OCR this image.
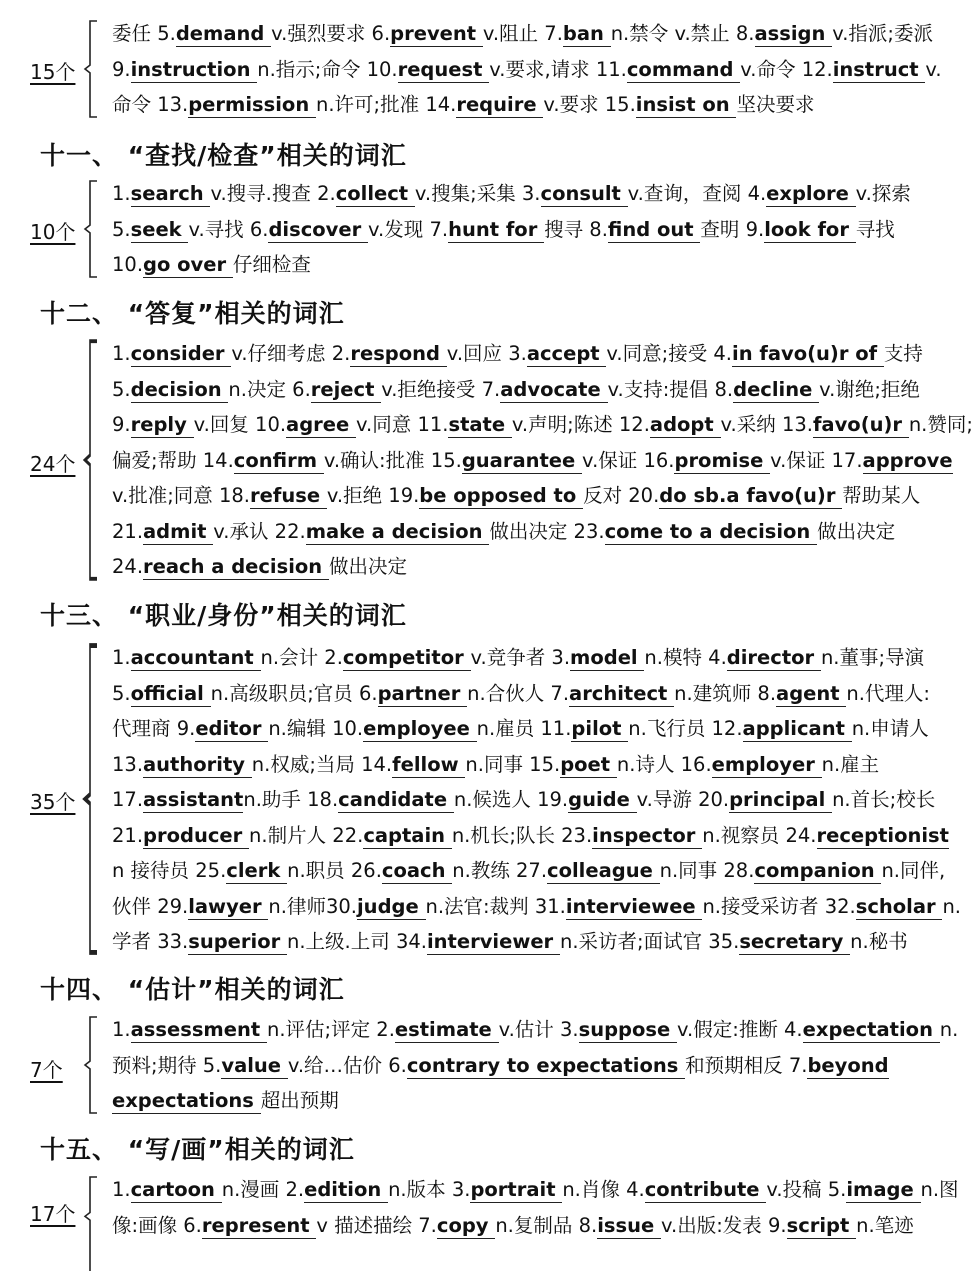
15个
委任 5.demand v.强烈要求 6.prevent v.阻止 7.ban n.禁令 v.禁止 8.assign v.指派;委派
9.instruction n.指示;命令 10.request v.要求,请求 11.command v.命令 12.instruct v.
命令 13.permission n.许可;批准 14.require v.要求 15.insist on 坚决要求
十一、 “查找/检查”相关的词汇
10个
1.search v.搜寻.搜查 2.collect v.搜集;采集 3.consult v.查询，查阅 4.explore v.探索
5.seek v.寻找 6.discover v.发现 7.hunt for 搜寻 8.find out 查明 9.look for 寻找
10.go over 仔细检查
十二、 “答复”相关的词汇
24个
1.consider v.仔细考虑 2.respond v.回应 3.accept v.同意;接受 4.in favo(u)r of 支持
5.decision n.决定 6.reject v.拒绝接受 7.advocate v.支持:提倡 8.decline v.谢绝;拒绝
9.reply v.回复 10.agree v.同意 11.state v.声明;陈述 12.adopt v.采纳 13.favo(u)r n.赞同;
偏爱;帮助 14.confirm v.确认:批准 15.guarantee v.保证 16.promise v.保证 17.approve
v.批准;同意 18.refuse v.拒绝 19.be opposed to 反对 20.do sb.a favo(u)r 帮助某人
21.admit v.承认 22.make a decision 做出决定 23.come to a decision 做出决定
24.reach a decision 做出决定
十三、 “职业/身份”相关的词汇
35个
1.accountant n.会计 2.competitor v.竞争者 3.model n.模特 4.director n.董事;导演
5.official n.高级职员;官员 6.partner n.合伙人 7.architect n.建筑师 8.agent n.代理人:
代理商 9.editor n.编辑 10.employee n.雇员 11.pilot n.飞行员 12.applicant n.申请人
13.authority n.权威;当局 14.fellow n.同事 15.poet n.诗人 16.employer n.雇主
17.assistantn.助手 18.candidate n.候选人 19.guide v.导游 20.principal n.首长;校长
21.producer n.制片人 22.captain n.机长;队长 23.inspector n.视察员 24.receptionist
n 接待员 25.clerk n.职员 26.coach n.教练 27.colleague n.同事 28.companion n.同伴,
伙伴 29.lawyer n.律师30.judge n.法官:裁判 31.interviewee n.接受采访者 32.scholar n.
学者 33.superior n.上级.上司 34.interviewer n.采访者;面试官 35.secretary n.秘书
十四、 “估计”相关的词汇
7个
1.assessment n.评估;评定 2.estimate v.估计 3.suppose v.假定:推断 4.expectation n.
预料;期待 5.value v.给…估价 6.contrary to expectations 和预期相反 7.beyond
expectations 超出预期
十五、 “写/画”相关的词汇
17个
1.cartoon n.漫画 2.edition n.版本 3.portrait n.肖像 4.contribute v.投稿 5.image n.图
像:画像 6.represent v 描述描绘 7.copy n.复制品 8.issue v.出版:发表 9.script n.笔迹
